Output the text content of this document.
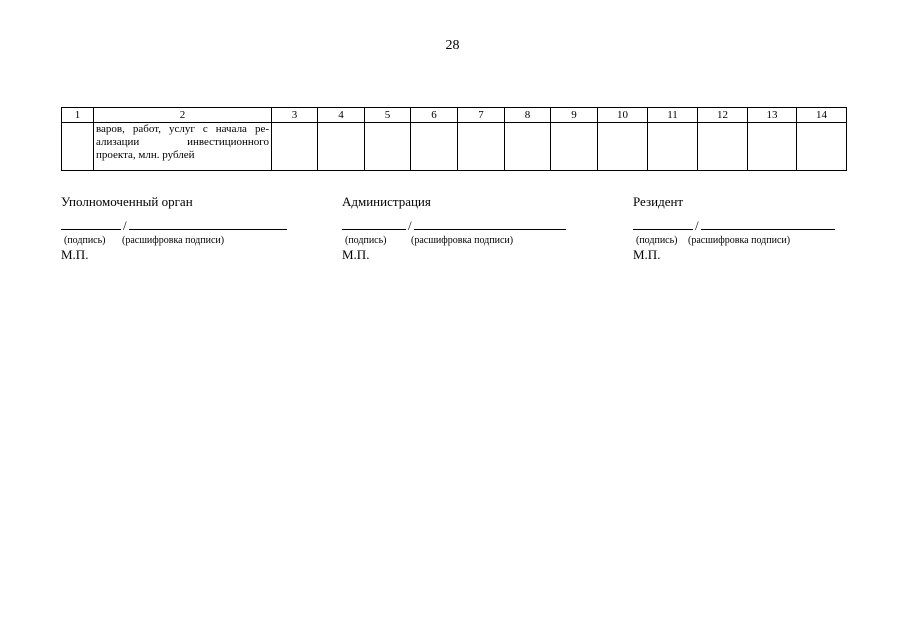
28
1	2	3	4	5	6	7	8	9	10	11	12	13	14

	варов, работ, услуг с начала ре-
ализации инвестиционного
проекта, млн. рублей												

Уполномоченный орган
/
(подпись) (расшифровка подписи)
М.П.
Администрация
/
(подпись) (расшифровка подписи)
М.П.
Резидент
/
(подпись) (расшифровка подписи)
М.П.
